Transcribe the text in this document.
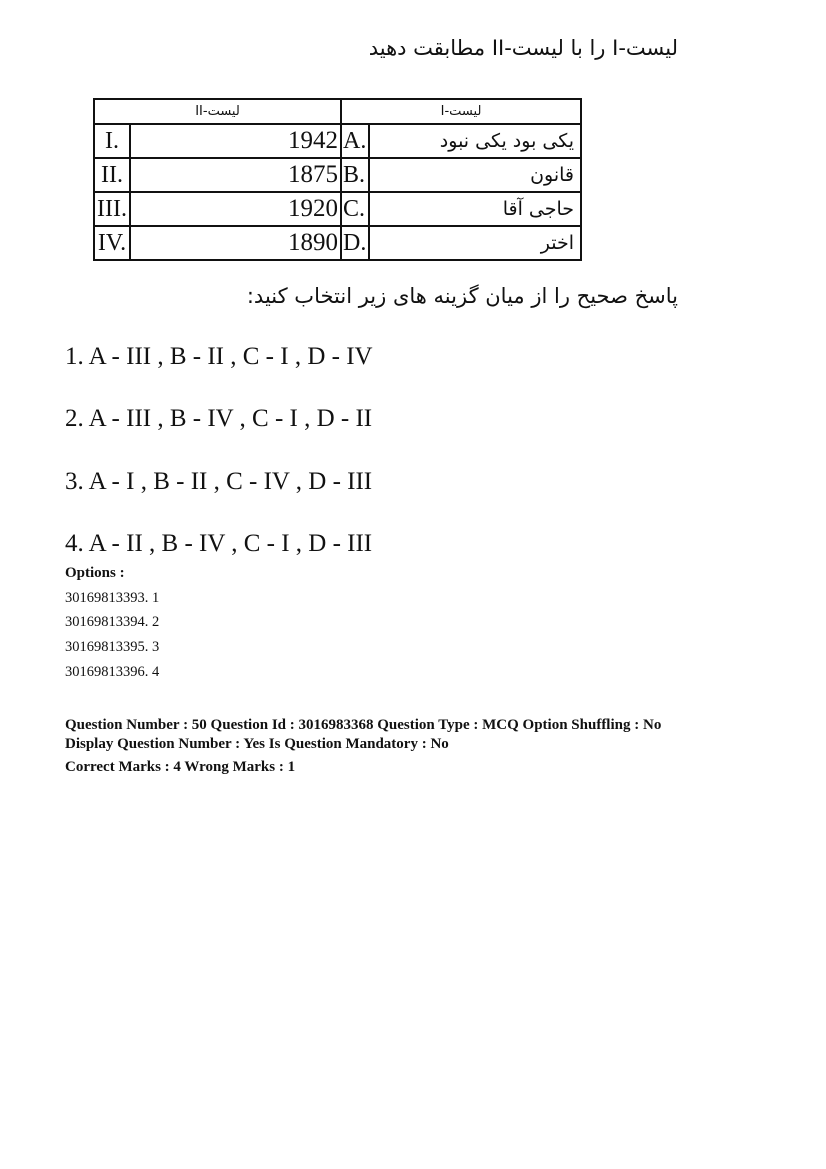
لیست-I را با لیست-II مطابقت دهید
لیست-II		لیست-I	
I.	1942	A.	یکی بود یکی نبود
II.	1875	B.	قانون
III.	1920	C.	حاجی آقا
IV.	1890	D.	اختر
پاسخ صحیح را از میان گزینه های زیر انتخاب کنید:
1. A - III , B - II , C - I , D - IV
2. A - III , B - IV , C - I , D - II
3. A - I , B - II , C - IV , D - III
4. A - II , B - IV , C - I , D - III
Options :
30169813393. 1
30169813394. 2
30169813395. 3
30169813396. 4
Question Number : 50 Question Id : 3016983368 Question Type : MCQ Option Shuffling : No
Display Question Number : Yes Is Question Mandatory : No
Correct Marks : 4 Wrong Marks : 1
